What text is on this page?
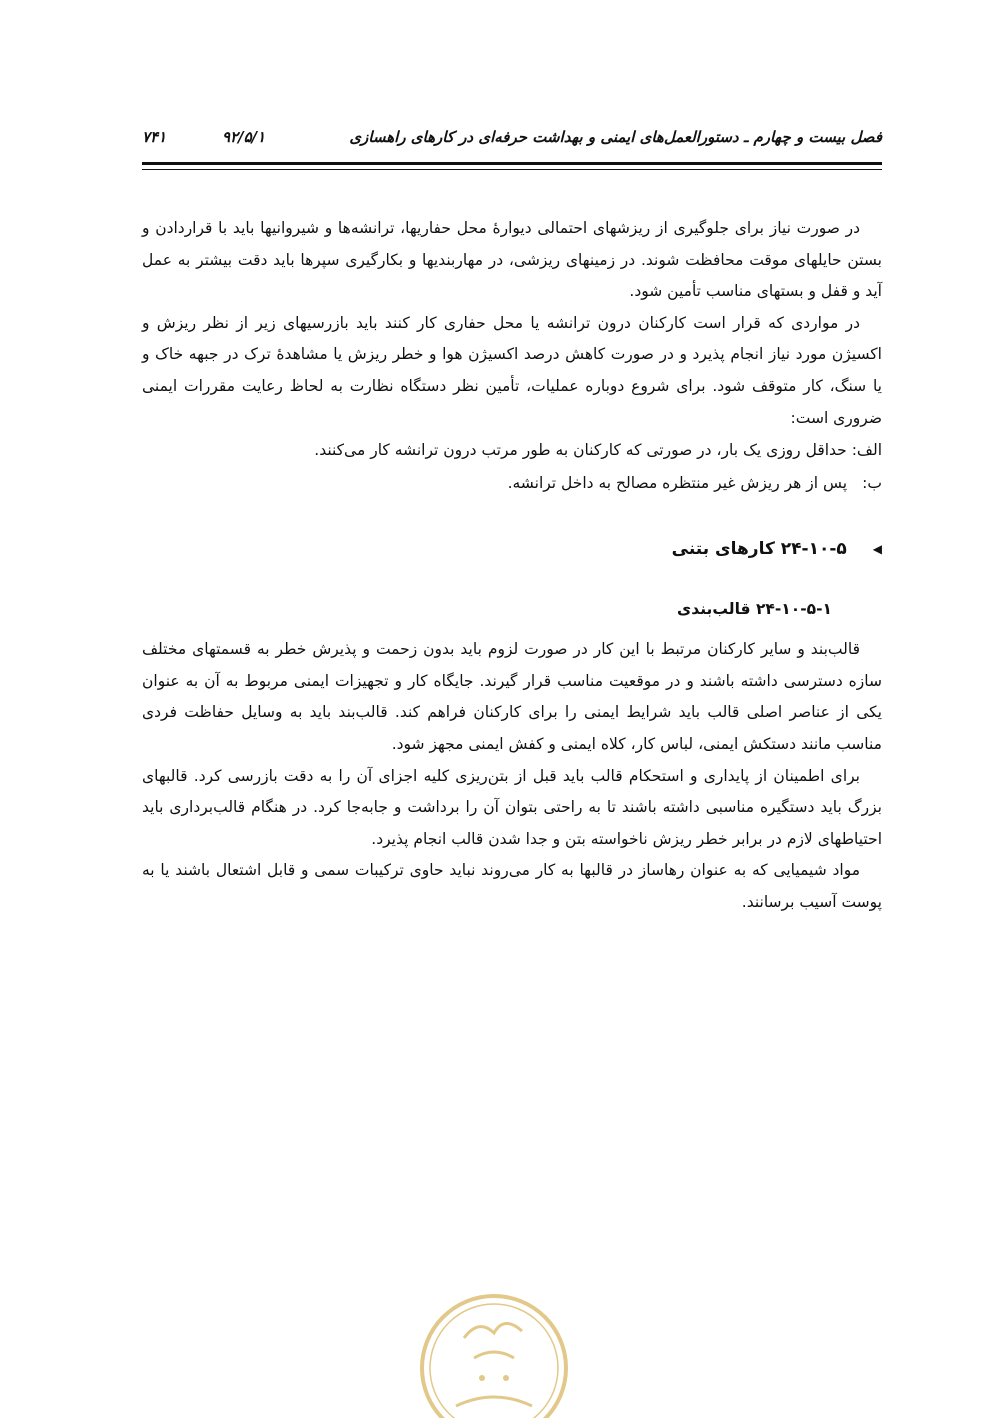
فصل بیست و چهارم ـ دستورالعمل‌های ایمنی و بهداشت حرفه‌ای در کارهای راهسازی
۹۲/۵/۱
۷۴۱

در صورت نیاز برای جلوگیری از ریزشهای احتمالی دیوارهٔ محل حفاریها، ترانشه‌ها و شیروانیها باید با قراردادن و بستن حایلهای موقت محافظت شوند. در زمینهای ریزشی، در مهاربندیها و بکارگیری سپرها باید دقت بیشتر به عمل آید و قفل و بستهای مناسب تأمین شود.

در مواردی که قرار است کارکنان درون ترانشه یا محل حفاری کار کنند باید بازرسیهای زیر از نظر ریزش و اکسیژن مورد نیاز انجام پذیرد و در صورت کاهش درصد اکسیژن هوا و خطر ریزش یا مشاهدهٔ ترک در جبهه خاک و یا سنگ، کار متوقف شود. برای شروع دوباره عملیات، تأمین نظر دستگاه نظارت به لحاظ رعایت مقررات ایمنی ضروری است:

الف: حداقل روزی یک بار، در صورتی که کارکنان به طور مرتب درون ترانشه کار می‌کنند.

ب: پس از هر ریزش غیر منتظره مصالح به داخل ترانشه.

◀۲۴-۱۰-۵ کارهای بتنی
۲۴-۱۰-۵-۱ قالب‌بندی

قالب‌بند و سایر کارکنان مرتبط با این کار در صورت لزوم باید بدون زحمت و پذیرش خطر به قسمتهای مختلف سازه دسترسی داشته باشند و در موقعیت مناسب قرار گیرند. جایگاه کار و تجهیزات ایمنی مربوط به آن به عنوان یکی از عناصر اصلی قالب باید شرایط ایمنی را برای کارکنان فراهم کند. قالب‌بند باید به وسایل حفاظت فردی مناسب مانند دستکش ایمنی، لباس کار، کلاه ایمنی و کفش ایمنی مجهز شود.

برای اطمینان از پایداری و استحکام قالب باید قبل از بتن‌ریزی کلیه اجزای آن را به دقت بازرسی کرد. قالبهای بزرگ باید دستگیره مناسبی داشته باشند تا به راحتی بتوان آن را برداشت و جابه‌جا کرد. در هنگام قالب‌برداری باید احتیاطهای لازم در برابر خطر ریزش ناخواسته بتن و جدا شدن قالب انجام پذیرد.

مواد شیمیایی که به عنوان رهاساز در قالبها به کار می‌روند نباید حاوی ترکیبات سمی و قابل اشتعال باشند یا به پوست آسیب برسانند.
